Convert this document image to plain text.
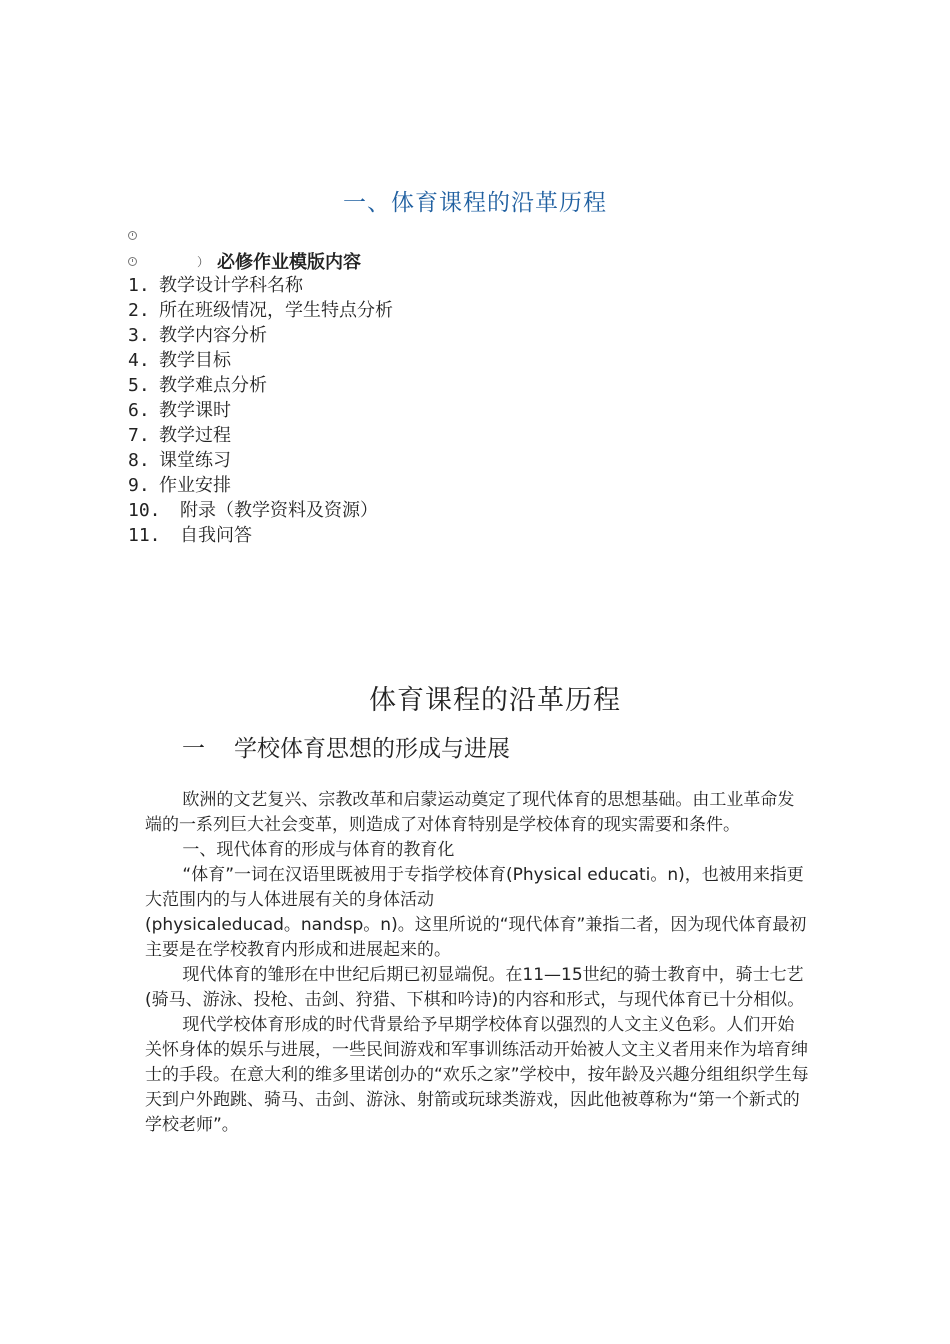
一、体育课程的沿革历程
） 必修作业模版内容
1. 教学设计学科名称
2. 所在班级情况，学生特点分析
3. 教学内容分析
4. 教学目标
5. 教学难点分析
6. 教学课时
7. 教学过程
8. 课堂练习
9. 作业安排
10. 附录（教学资料及资源）
11. 自我问答
体育课程的沿革历程
一 学校体育思想的形成与进展

欧洲的文艺复兴、宗教改革和启蒙运动奠定了现代体育的思想基础。由工业革命发端的一系列巨大社会变革，则造成了对体育特别是学校体育的现实需要和条件。

一、现代体育的形成与体育的教育化

“体育”一词在汉语里既被用于专指学校体育(Physical educati。n)，也被用来指更大范围内的与人体进展有关的身体活动

(physicaleducad。nandsp。n)。这里所说的“现代体育”兼指二者，因为现代体育最初主要是在学校教育内形成和进展起来的。

现代体育的雏形在中世纪后期已初显端倪。在11—15世纪的骑士教育中，骑士七艺(骑马、游泳、投枪、击剑、狩猎、下棋和吟诗)的内容和形式，与现代体育已十分相似。

现代学校体育形成的时代背景给予早期学校体育以强烈的人文主义色彩。人们开始关怀身体的娱乐与进展，一些民间游戏和军事训练活动开始被人文主义者用来作为培育绅士的手段。在意大利的维多里诺创办的“欢乐之家”学校中，按年龄及兴趣分组组织学生每天到户外跑跳、骑马、击剑、游泳、射箭或玩球类游戏，因此他被尊称为“第一个新式的学校老师”。
